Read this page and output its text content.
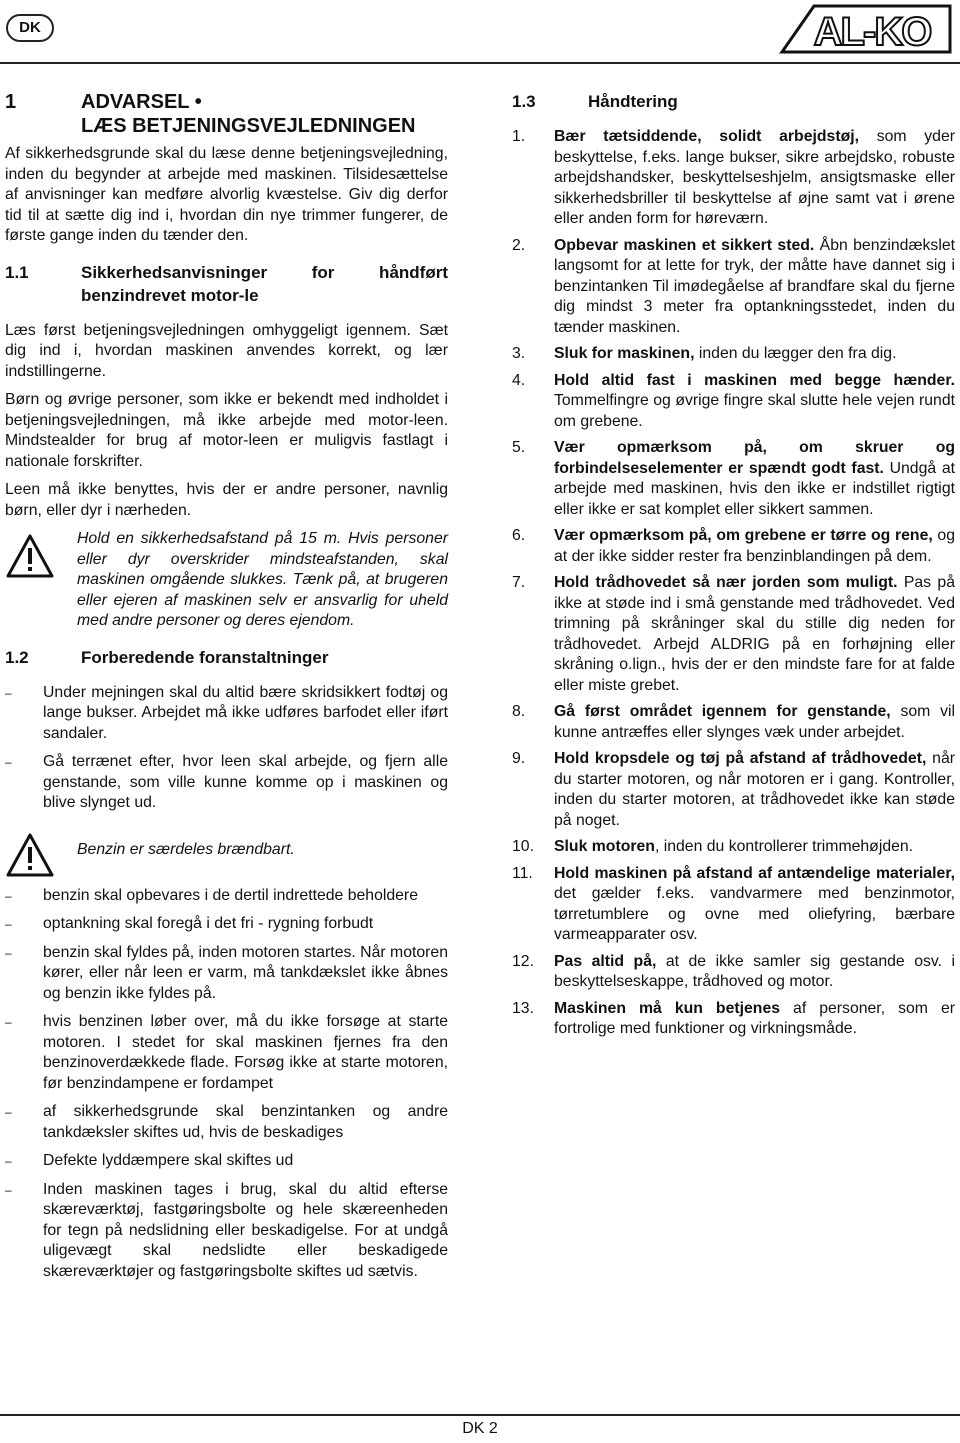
DK	AL-KO
1	ADVARSEL •
LÆS BETJENINGSVEJLEDNINGEN

Af sikkerhedsgrunde skal du læse denne betjeningsvejledning, inden du begynder at arbejde med maskinen. Tilsidesættelse af anvisninger kan medføre alvorlig kvæstelse. Giv dig derfor tid til at sætte dig ind i, hvordan din nye trimmer fungerer, de første gange inden du tænder den.

1.1	Sikkerhedsanvisninger for håndført benzindrevet motor-le

Læs først betjeningsvejledningen omhyggeligt igennem. Sæt dig ind i, hvordan maskinen anvendes korrekt, og lær indstillingerne.

Børn og øvrige personer, som ikke er bekendt med indholdet i betjeningsvejledningen, må ikke arbejde med motor-leen. Mindstealder for brug af motor-leen er muligvis fastlagt i nationale forskrifter.

Leen må ikke benyttes, hvis der er andre personer, navnlig børn, eller dyr i nærheden.

Hold en sikkerhedsafstand på 15 m. Hvis personer eller dyr overskrider mindsteafstanden, skal maskinen omgående slukkes. Tænk på, at brugeren eller ejeren af maskinen selv er ansvarlig for uheld med andre personer og deres ejendom.
1.2	Forberedende foranstaltninger
–	Under mejningen skal du altid bære skridsikkert fodtøj og lange bukser. Arbejdet må ikke udføres barfodet eller iført sandaler.
–	Gå terrænet efter, hvor leen skal arbejde, og fjern alle genstande, som ville kunne komme op i maskinen og blive slynget ud.
Benzin er særdeles brændbart.
–	benzin skal opbevares i de dertil indrettede beholdere
–	optankning skal foregå i det fri - rygning forbudt
–	benzin skal fyldes på, inden motoren startes. Når motoren kører, eller når leen er varm, må tankdækslet ikke åbnes og benzin ikke fyldes på.
–	hvis benzinen løber over, må du ikke forsøge at starte motoren. I stedet for skal maskinen fjernes fra den benzinoverdækkede flade. Forsøg ikke at starte motoren, før benzindampene er fordampet
–	af sikkerhedsgrunde skal benzintanken og andre tankdæksler skiftes ud, hvis de beskadiges
–	Defekte lyddæmpere skal skiftes ud
–	Inden maskinen tages i brug, skal du altid efterse skæreværktøj, fastgøringsbolte og hele skæreenheden for tegn på nedslidning eller beskadigelse. For at undgå uligevægt skal nedslidte eller beskadigede skæreværktøjer og fastgøringsbolte skiftes ud sætvis.
1.3	Håndtering
1.	Bær tætsiddende, solidt arbejdstøj, som yder beskyttelse, f.eks. lange bukser, sikre arbejdsko, robuste arbejdshandsker, beskyttelseshjelm, ansigtsmaske eller sikkerhedsbriller til beskyttelse af øjne samt vat i ørene eller anden form for høreværn.
2.	Opbevar maskinen et sikkert sted. Åbn benzindækslet langsomt for at lette for tryk, der måtte have dannet sig i benzintanken Til imødegåelse af brandfare skal du fjerne dig mindst 3 meter fra optankningsstedet, inden du tænder maskinen.
3.	Sluk for maskinen, inden du lægger den fra dig.
4.	Hold altid fast i maskinen med begge hænder. Tommelfingre og øvrige fingre skal slutte hele vejen rundt om grebene.
5.	Vær opmærksom på, om skruer og forbindelseselementer er spændt godt fast. Undgå at arbejde med maskinen, hvis den ikke er indstillet rigtigt eller ikke er sat komplet eller sikkert sammen.
6.	Vær opmærksom på, om grebene er tørre og rene, og at der ikke sidder rester fra benzinblandingen på dem.
7.	Hold trådhovedet så nær jorden som muligt. Pas på ikke at støde ind i små genstande med trådhovedet. Ved trimning på skråninger skal du stille dig neden for trådhovedet. Arbejd ALDRIG på en forhøjning eller skråning o.lign., hvis der er den mindste fare for at falde eller miste grebet.
8.	Gå først området igennem for genstande, som vil kunne antræffes eller slynges væk under arbejdet.
9.	Hold kropsdele og tøj på afstand af trådhovedet, når du starter motoren, og når motoren er i gang. Kontroller, inden du starter motoren, at trådhovedet ikke kan støde på noget.
10.	Sluk motoren, inden du kontrollerer trimmehøjden.
11.	Hold maskinen på afstand af antændelige materialer, det gælder f.eks. vandvarmere med benzinmotor, tørretumblere og ovne med oliefyring, bærbare varmeapparater osv.
12.	Pas altid på, at de ikke samler sig gestande osv. i beskyttelseskappe, trådhoved og motor.
13.	Maskinen må kun betjenes af personer, som er fortrolige med funktioner og virkningsmåde.
DK 2
